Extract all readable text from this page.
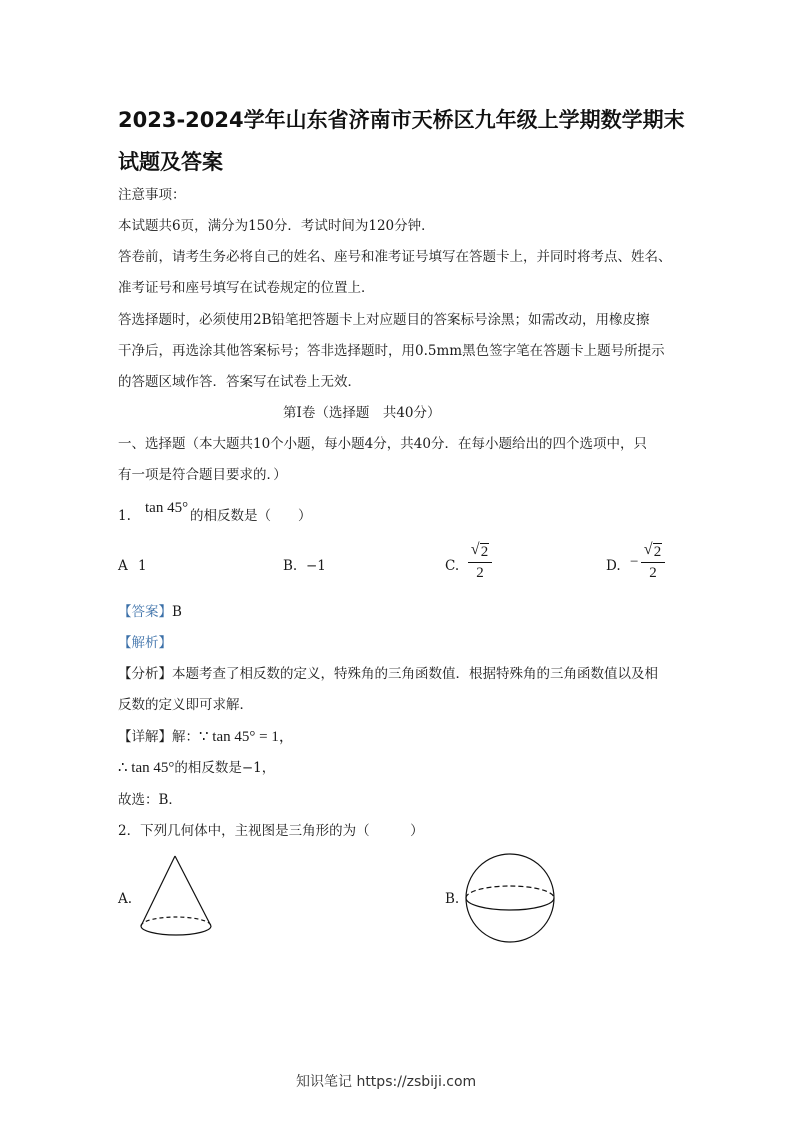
2023-2024学年山东省济南市天桥区九年级上学期数学期末
试题及答案
注意事项：
本试题共6页，满分为150分．考试时间为120分钟．
答卷前，请考生务必将自己的姓名、座号和准考证号填写在答题卡上，并同时将考点、姓名、
准考证号和座号填写在试卷规定的位置上．
答选择题时，必须使用2B铅笔把答题卡上对应题目的答案标号涂黑；如需改动，用橡皮擦
干净后，再选涂其他答案标号；答非选择题时，用0.5mm黑色签字笔在答题卡上题号所提示
的答题区域作答．答案写在试卷上无效．
第Ⅰ卷（选择题　共40分）
一、选择题（本大题共10个小题，每小题4分，共40分．在每小题给出的四个选项中，只
有一项是符合题目要求的．）
1. tan 45° 的相反数是（　　）
A 1	B. −1	C.
√ 2
2	D. −
√ 2
2
【答案】B
【解析】
【分析】本题考查了相反数的定义，特殊角的三角函数值．根据特殊角的三角函数值以及相
反数的定义即可求解．
【详解】解：∵ tan 45° = 1，
∴ tan 45°的相反数是−1，
故选：B．
2．下列几何体中，主视图是三角形的为（　　　）
A.	B.
知识笔记 https://zsbiji.com
